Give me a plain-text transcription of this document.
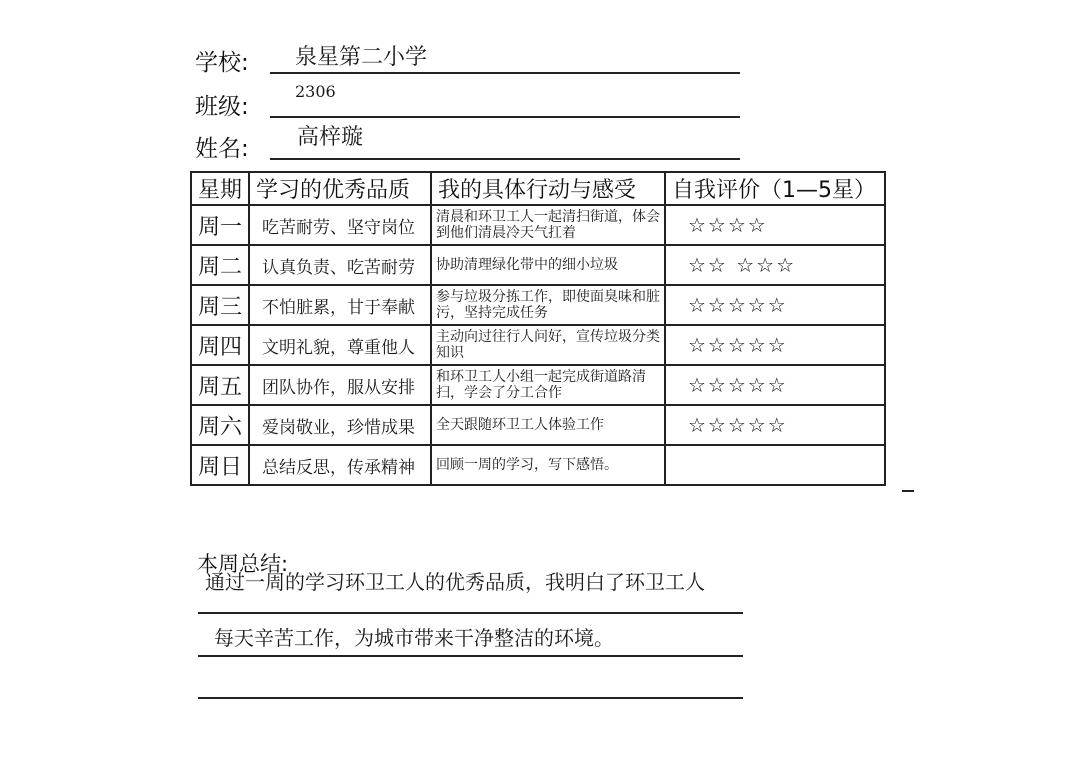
学校: 泉星第二小学
班级:
2306
姓名: 高梓璇
星期	学习的优秀品质	我的具体行动与感受	自我评价（1—5星）
周一	吃苦耐劳、坚守岗位	清晨和环卫工人一起清扫街道，体会到他们清晨冷天气扛着	☆☆☆☆
周二	认真负责、吃苦耐劳	协助清理绿化带中的细小垃圾	☆☆ ☆☆☆
周三	不怕脏累，甘于奉献	参与垃圾分拣工作，即使面臭味和脏污，坚持完成任务	☆☆☆☆☆
周四	文明礼貌，尊重他人	主动向过往行人问好，宣传垃圾分类知识	☆☆☆☆☆
周五	团队协作，服从安排	和环卫工人小组一起完成街道路清扫，学会了分工合作	☆☆☆☆☆
周六	爱岗敬业，珍惜成果	全天跟随环卫工人体验工作	☆☆☆☆☆
周日	总结反思，传承精神	回顾一周的学习，写下感悟。	
本周总结:
通过一周的学习环卫工人的优秀品质，我明白了环卫工人
每天辛苦工作，为城市带来干净整洁的环境。
